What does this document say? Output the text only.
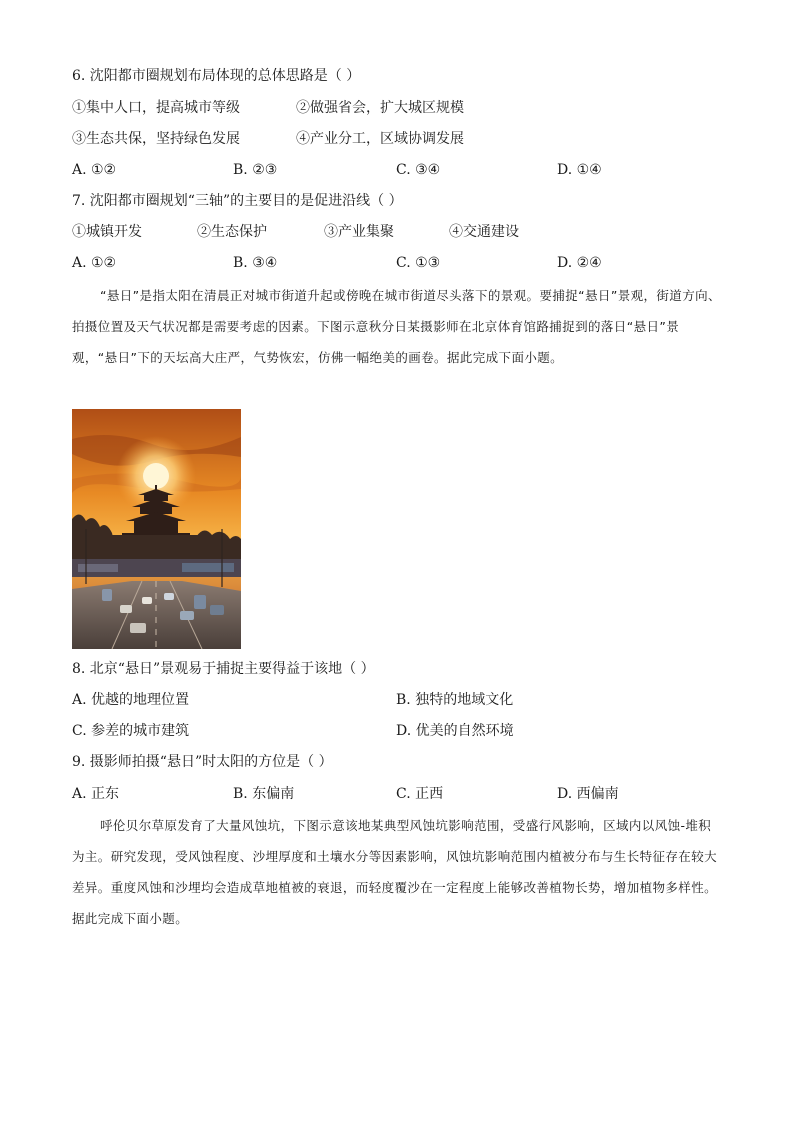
6. 沈阳都市圈规划布局体现的总体思路是（ ）
①集中人口，提高城市等级	②做强省会，扩大城区规模
③生态共保，坚持绿色发展	④产业分工，区域协调发展
A. ①②	B. ②③	C. ③④	D. ①④
7. 沈阳都市圈规划“三轴”的主要目的是促进沿线（ ）
①城镇开发	②生态保护	③产业集聚	④交通建设
A. ①②	B. ③④	C. ①③	D. ②④
“悬日”是指太阳在清晨正对城市街道升起或傍晚在城市街道尽头落下的景观。要捕捉“悬日”景观，街道方向、拍摄位置及天气状况都是需要考虑的因素。下图示意秋分日某摄影师在北京体育馆路捕捉到的落日“悬日”景观，“悬日”下的天坛高大庄严，气势恢宏，仿佛一幅绝美的画卷。据此完成下面小题。
8. 北京“悬日”景观易于捕捉主要得益于该地（ ）
A. 优越的地理位置	B. 独特的地域文化
C. 参差的城市建筑	D. 优美的自然环境
9. 摄影师拍摄“悬日”时太阳的方位是（ ）
A. 正东	B. 东偏南	C. 正西	D. 西偏南
呼伦贝尔草原发育了大量风蚀坑，下图示意该地某典型风蚀坑影响范围，受盛行风影响，区域内以风蚀-堆积为主。研究发现，受风蚀程度、沙埋厚度和土壤水分等因素影响，风蚀坑影响范围内植被分布与生长特征存在较大差异。重度风蚀和沙埋均会造成草地植被的衰退，而轻度覆沙在一定程度上能够改善植物长势，增加植物多样性。据此完成下面小题。
